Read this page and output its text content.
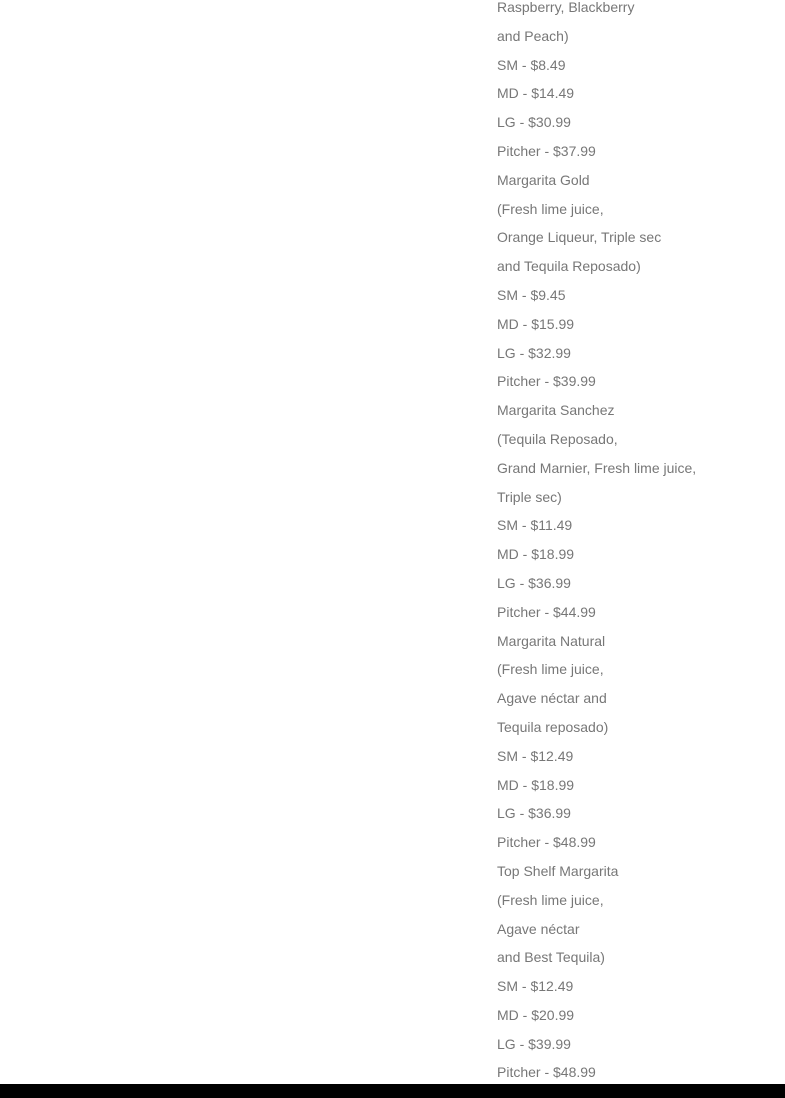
Raspberry, Blackberry
and Peach)
SM - $8.49
MD - $14.49
LG - $30.99
Pitcher - $37.99
Margarita Gold
(Fresh lime juice,
Orange Liqueur, Triple sec
and Tequila Reposado)
SM - $9.45
MD - $15.99
LG - $32.99
Pitcher - $39.99
Margarita Sanchez
(Tequila Reposado,
Grand Marnier, Fresh lime juice,
Triple sec)
SM - $11.49
MD - $18.99
LG - $36.99
Pitcher - $44.99
Margarita Natural
(Fresh lime juice,
Agave néctar and
Tequila reposado)
SM - $12.49
MD - $18.99
LG - $36.99
Pitcher - $48.99
Top Shelf Margarita
(Fresh lime juice,
Agave néctar
and Best Tequila)
SM - $12.49
MD - $20.99
LG - $39.99
Pitcher - $48.99
